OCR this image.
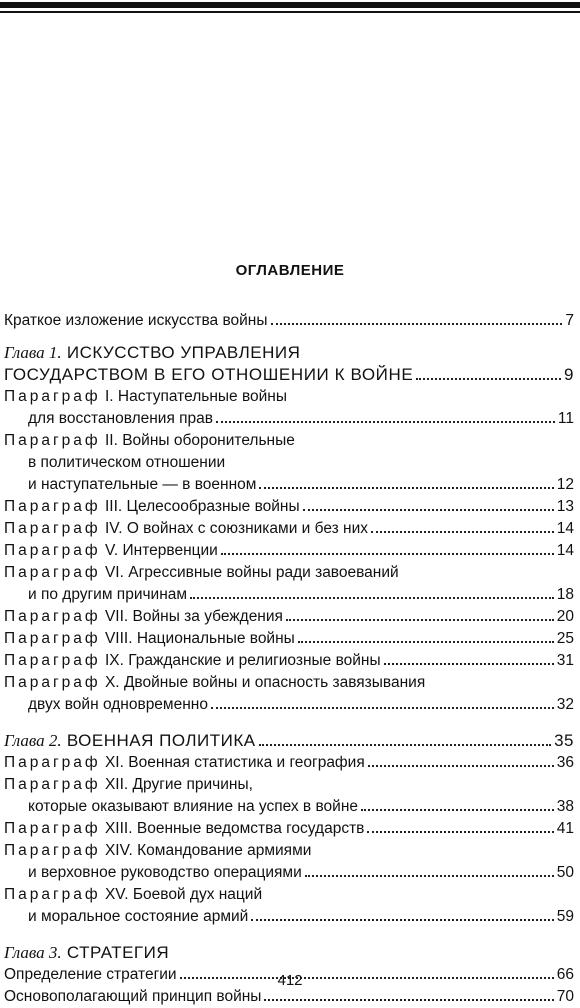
ОГЛАВЛЕНИЕ
Краткое изложение искусства войны	7
Глава 1.
ИСКУССТВО УПРАВЛЕНИЯ
ГОСУДАРСТВОМ В ЕГО ОТНОШЕНИИ К ВОЙНЕ	9
Параграф
I.
Наступательные войны
для восстановления прав	11
Параграф
II.
Войны оборонительные
в политическом отношении
и наступательные — в военном	12
Параграф
III.
Целесообразные войны	13
Параграф
IV.
О войнах с союзниками и без них	14
Параграф
V.
Интервенции	14
Параграф
VI.
Агрессивные войны ради завоеваний
и по другим причинам	18
Параграф
VII.
Войны за убеждения	20
Параграф
VIII.
Национальные войны	25
Параграф
IX.
Гражданские и религиозные войны	31
Параграф
X.
Двойные войны и опасность завязывания
двух войн одновременно	32
Глава 2.
ВОЕННАЯ ПОЛИТИКА	35
Параграф
XI.
Военная статистика и география	36
Параграф
XII.
Другие причины,
которые оказывают влияние на успех в войне	38
Параграф
XIII.
Военные ведомства государств	41
Параграф
XIV.
Командование армиями
и верховное руководство операциями	50
Параграф
XV.
Боевой дух наций
и моральное состояние армий	59
Глава 3.
СТРАТЕГИЯ
Определение стратегии	66
Основополагающий принцип войны	70
412
